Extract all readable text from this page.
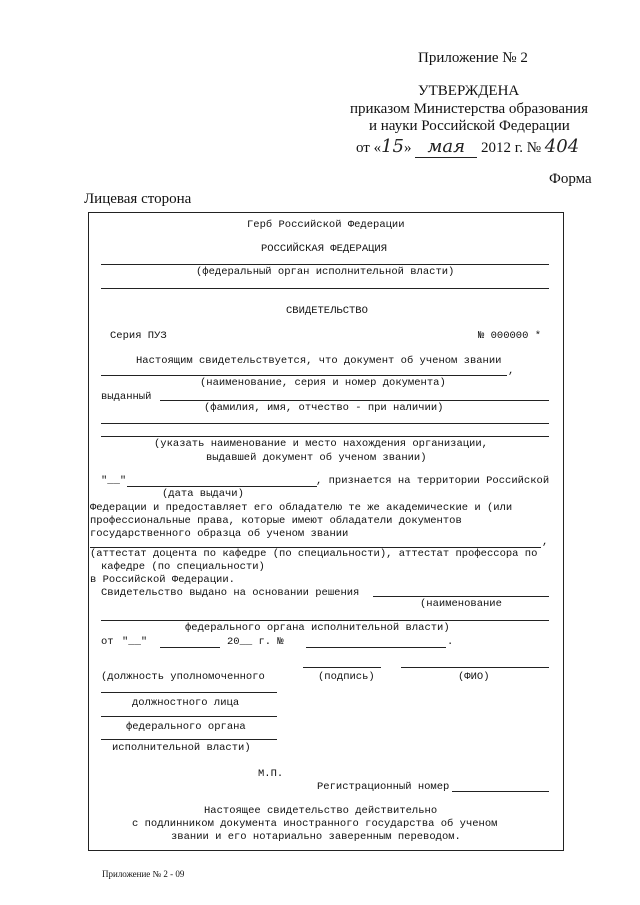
Приложение № 2
УТВЕРЖДЕНА
приказом Министерства образования
и науки Российской Федерации
от «15» мая 2012 г. № 404
Форма
Лицевая сторона
Герб Российской Федерации
РОССИЙСКАЯ ФЕДЕРАЦИЯ
(федеральный орган исполнительной власти)
СВИДЕТЕЛЬСТВО
Серия ПУЗ	№ 000000 *
Настоящим свидетельствуется, что документ об ученом звании
,
(наименование, серия и номер документа)
выданный
(фамилия, имя, отчество - при наличии)
(указать наименование и место нахождения организации,
выдавшей документ об ученом звании)
"__"	, признается на территории Российской
(дата выдачи)
Федерации и предоставляет его обладателю те же академические и (или
профессиональные права, которые имеют обладатели документов
государственного образца об ученом звании
,
(аттестат доцента по кафедре (по специальности), аттестат профессора по
кафедре (по специальности)
в Российской Федерации.
Свидетельство выдано на основании решения
(наименование
федерального органа исполнительной власти)
от "__"	20__ г. №	.
(должность уполномоченного	(подпись)	(ФИО)
должностного лица
федерального органа
исполнительной власти)
М.П.
Регистрационный номер
Настоящее свидетельство действительно
с подлинником документа иностранного государства об ученом
звании и его нотариально заверенным переводом.
Приложение № 2 - 09
